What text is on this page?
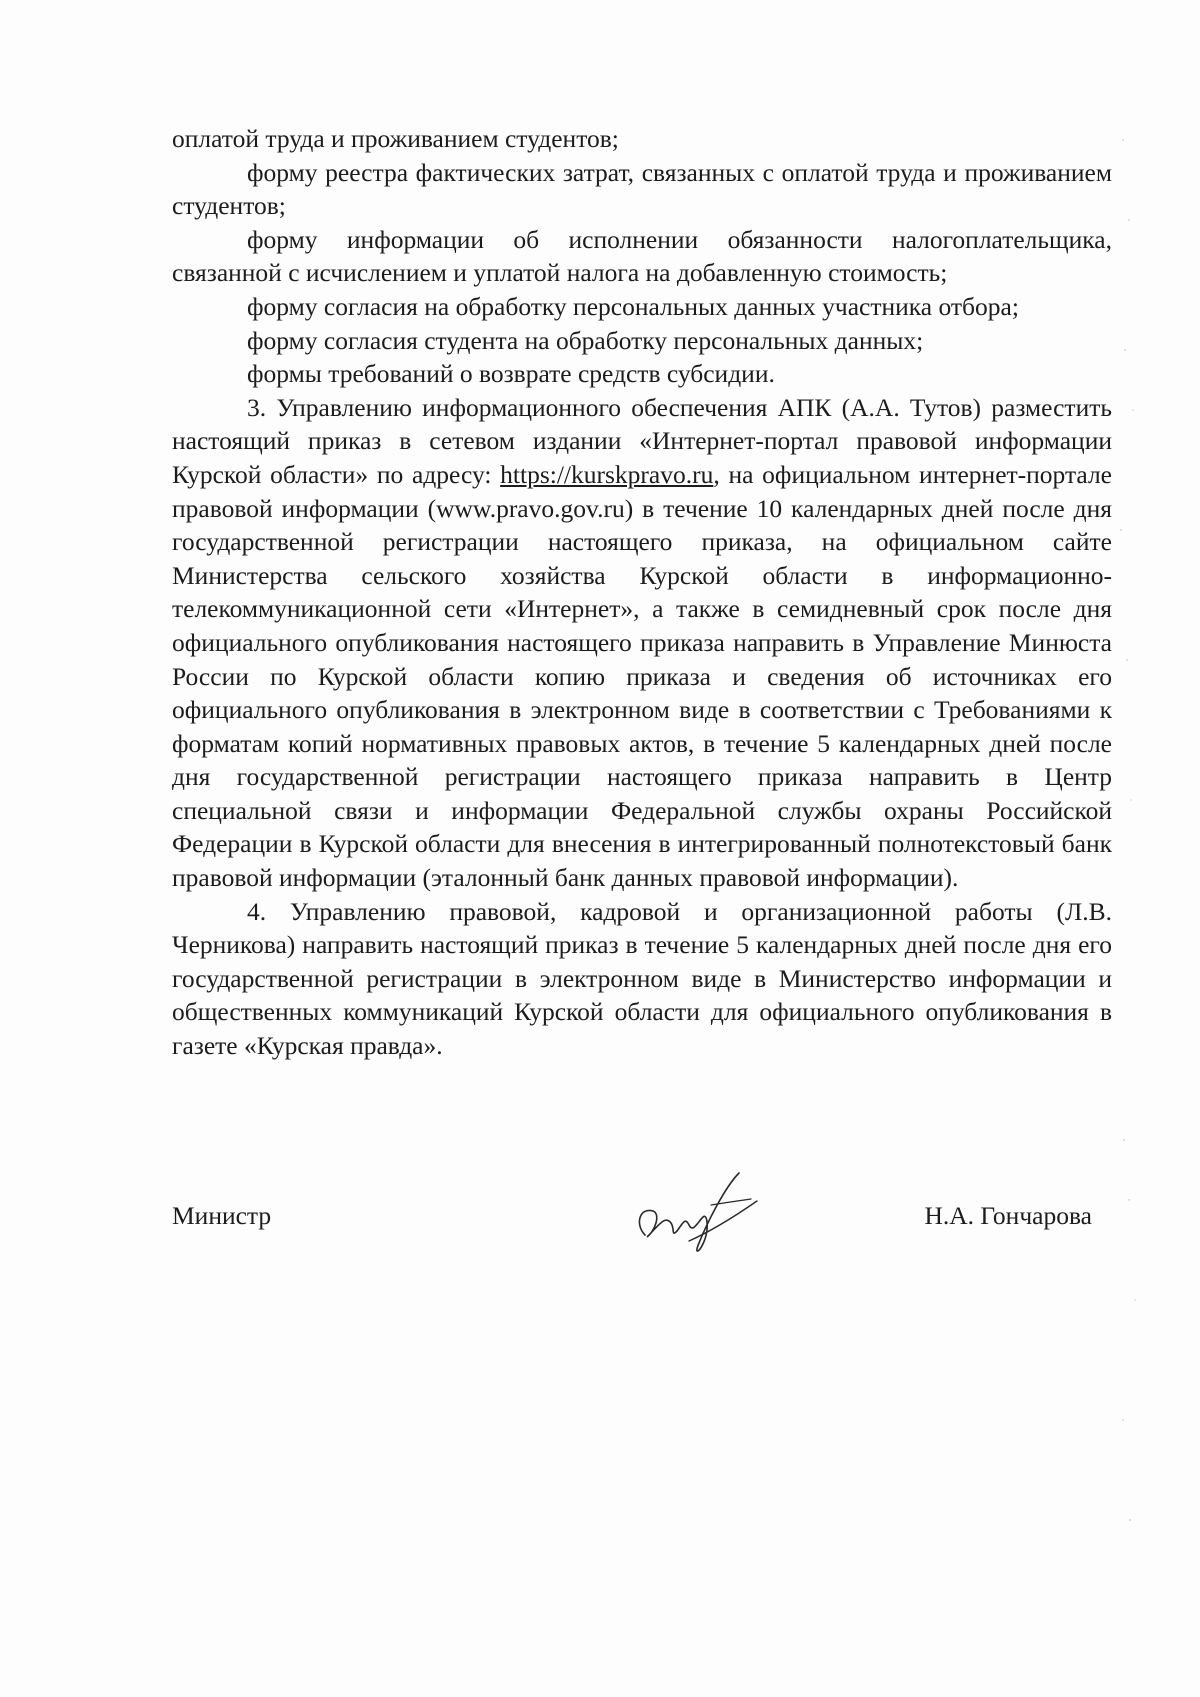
оплатой труда и проживанием студентов;

форму реестра фактических затрат, связанных с оплатой труда и проживанием студентов;

форму информации об исполнении обязанности налогоплательщика, связанной с исчислением и уплатой налога на добавленную стоимость;

форму согласия на обработку персональных данных участника отбора;

форму согласия студента на обработку персональных данных;

формы требований о возврате средств субсидии.

3. Управлению информационного обеспечения АПК (А.А. Тутов) разместить настоящий приказ в сетевом издании «Интернет-портал правовой информации Курской области» по адресу: https://kurskpravo.ru, на официальном интернет-портале правовой информации (www.pravo.gov.ru) в течение 10 календарных дней после дня государственной регистрации настоящего приказа, на официальном сайте Министерства сельского хозяйства Курской области в информационно-телекоммуникационной сети «Интернет», а также в семидневный срок после дня официального опубликования настоящего приказа направить в Управление Минюста России по Курской области копию приказа и сведения об источниках его официального опубликования в электронном виде в соответствии с Требованиями к форматам копий нормативных правовых актов, в течение 5 календарных дней после дня государственной регистрации настоящего приказа направить в Центр специальной связи и информации Федеральной службы охраны Российской Федерации в Курской области для внесения в интегрированный полнотекстовый банк правовой информации (эталонный банк данных правовой информации).

4. Управлению правовой, кадровой и организационной работы (Л.В. Черникова) направить настоящий приказ в течение 5 календарных дней после дня его государственной регистрации в электронном виде в Министерство информации и общественных коммуникаций Курской области для официального опубликования в газете «Курская правда».

Министр	Н.А. Гончарова
